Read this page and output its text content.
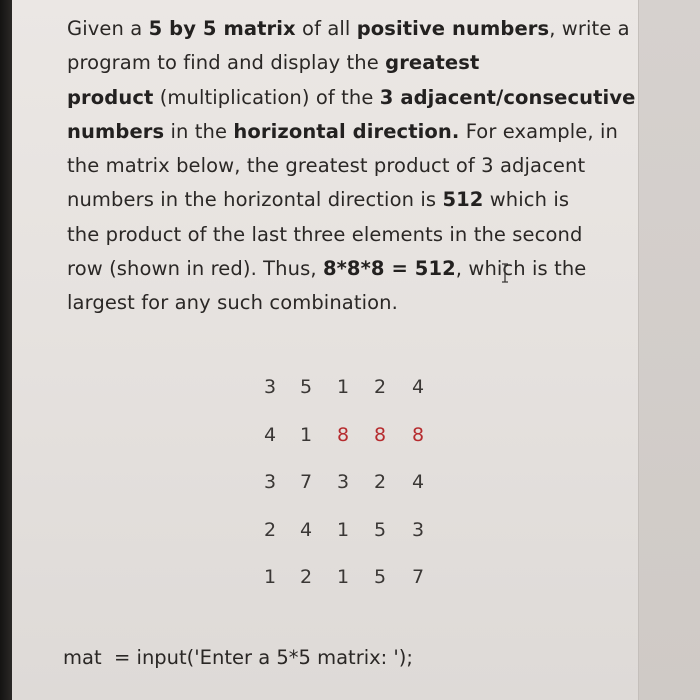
Given a 5 by 5 matrix of all positive numbers, write a
program to find and display the greatest
product (multiplication) of the 3 adjacent/consecutive
numbers in the horizontal direction. For example, in
the matrix below, the greatest product of 3 adjacent
numbers in the horizontal direction is 512 which is
the product of the last three elements in the second
row (shown in red). Thus, 8*8*8 = 512, which is the
largest for any such combination.
3	5	1	2	4
4	1	8	8	8
3	7	3	2	4
2	4	1	5	3
1	2	1	5	7
mat  = input('Enter a 5*5 matrix: ');
